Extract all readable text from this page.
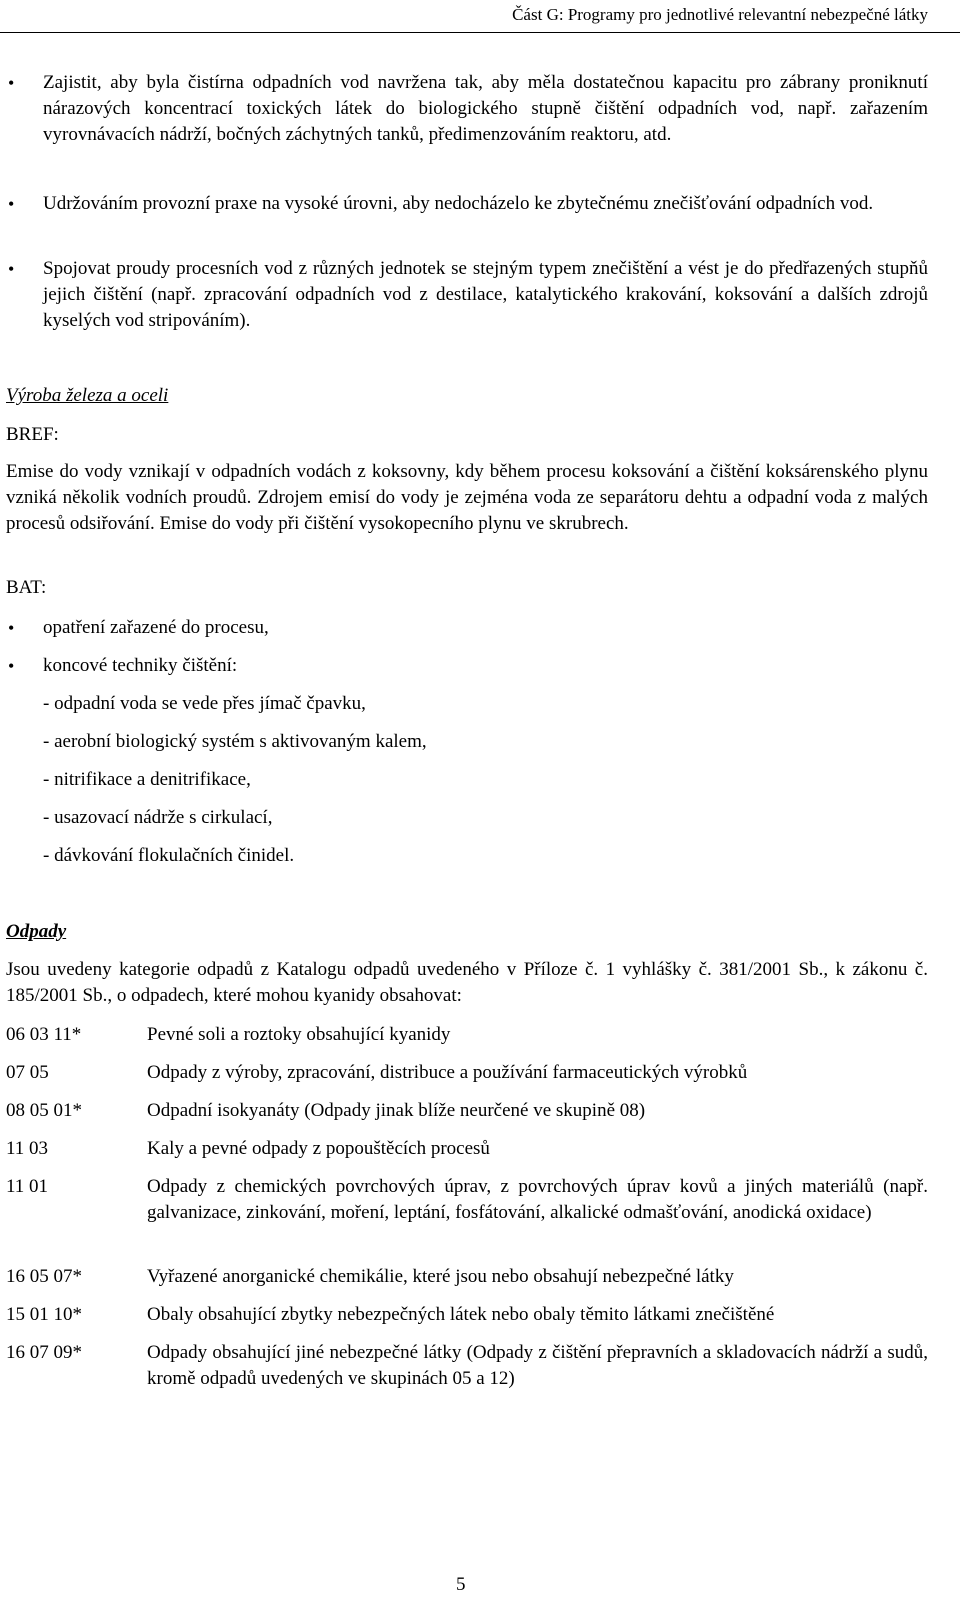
Část G: Programy pro jednotlivé relevantní nebezpečné látky

• Zajistit, aby byla čistírna odpadních vod navržena tak, aby měla dostatečnou kapacitu pro zábrany proniknutí nárazových koncentrací toxických látek do biologického stupně čištění odpadních vod, např. zařazením vyrovnávacích nádrží, bočných záchytných tanků, předimenzováním reaktoru, atd.

• Udržováním provozní praxe na vysoké úrovni, aby nedocházelo ke zbytečnému znečišťování odpadních vod.

• Spojovat proudy procesních vod z různých jednotek se stejným typem znečištění a vést je do předřazených stupňů jejich čištění (např. zpracování odpadních vod z destilace, katalytického krakování, koksování a dalších zdrojů kyselých vod stripováním).

Výroba železa a oceli

BREF:

Emise do vody vznikají v odpadních vodách z koksovny, kdy během procesu koksování a čištění koksárenského plynu vzniká několik vodních proudů. Zdrojem emisí do vody je zejména voda ze separátoru dehtu a odpadní voda z malých procesů odsiřování. Emise do vody při čištění vysokopecního plynu ve skrubrech.

BAT:

• opatření zařazené do procesu,

• koncové techniky čištění:

- odpadní voda se vede přes jímač čpavku,

- aerobní biologický systém s aktivovaným kalem,

- nitrifikace a denitrifikace,

- usazovací nádrže s cirkulací,

- dávkování flokulačních činidel.

Odpady

Jsou uvedeny kategorie odpadů z Katalogu odpadů uvedeného v Příloze č. 1 vyhlášky č. 381/2001 Sb., k zákonu č. 185/2001 Sb., o odpadech, které mohou kyanidy obsahovat:

06 03 11*	Pevné soli a roztoky obsahující kyanidy
07 05	Odpady z výroby, zpracování, distribuce a používání farmaceutických výrobků
08 05 01*	Odpadní isokyanáty (Odpady jinak blíže neurčené ve skupině 08)
11 03	Kaly a pevné odpady z popouštěcích procesů
11 01	Odpady z chemických povrchových úprav, z povrchových úprav kovů a jiných materiálů (např. galvanizace, zinkování, moření, leptání, fosfátování, alkalické odmašťování, anodická oxidace)
16 05 07*	Vyřazené anorganické chemikálie, které jsou nebo obsahují nebezpečné látky
15 01 10*	Obaly obsahující zbytky nebezpečných látek nebo obaly těmito látkami znečištěné
16 07 09*	Odpady obsahující jiné nebezpečné látky (Odpady z čištění přepravních a skladovacích nádrží a sudů, kromě odpadů uvedených ve skupinách 05 a 12)
5
